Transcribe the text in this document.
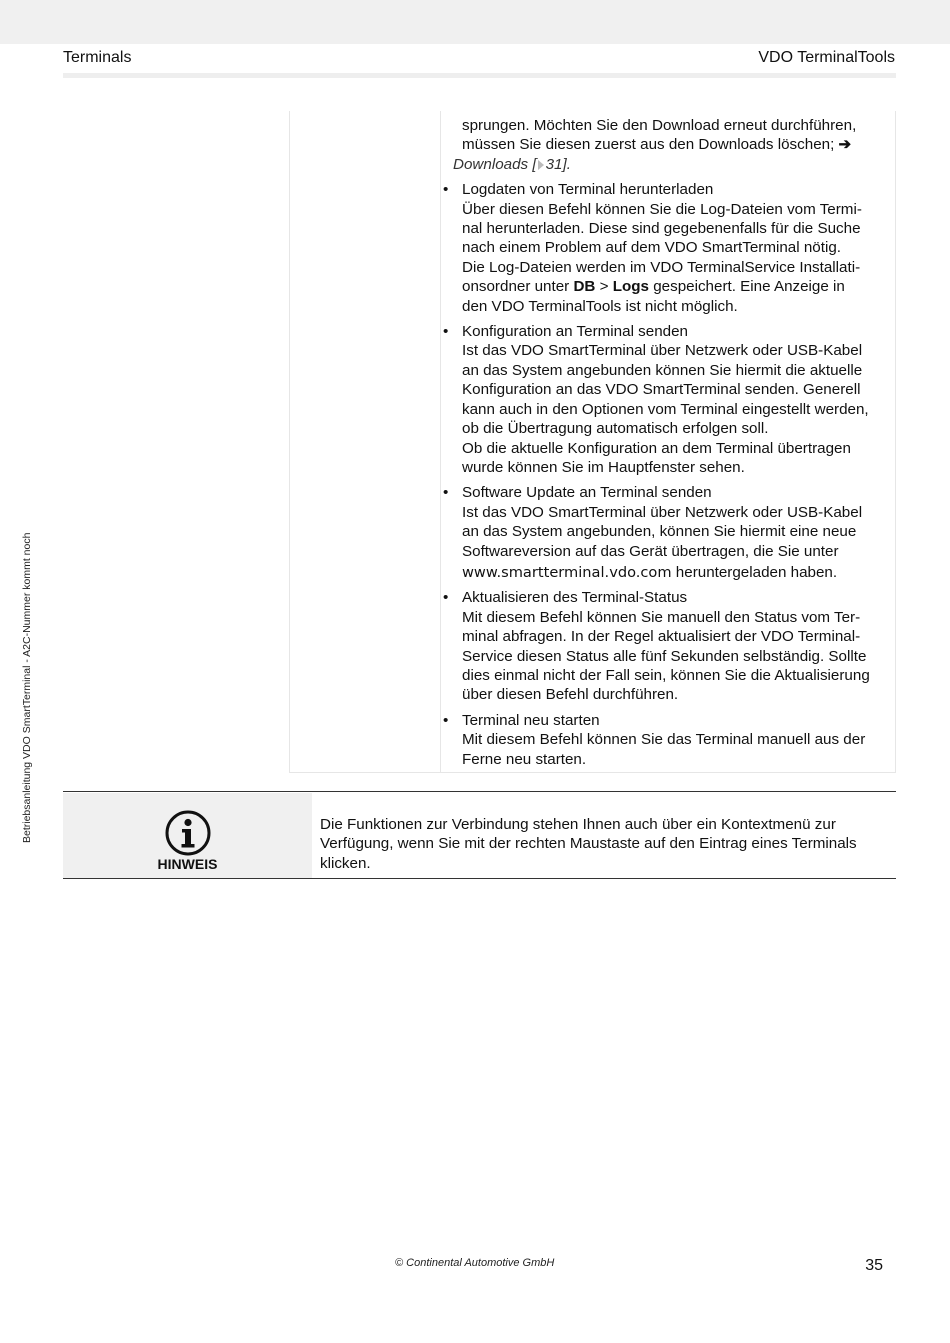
Terminals	VDO TerminalTools
Betriebsanleitung VDO SmartTerminal - A2C-Nummer kommt noch
sprungen. Möchten Sie den Download erneut durchführen,
müssen Sie diesen zuerst aus den Downloads löschen; ➔
Downloads [ 31].
• Logdaten von Terminal herunterladen
Über diesen Befehl können Sie die Log-Dateien vom Termi-
nal herunterladen. Diese sind gegebenenfalls für die Suche
nach einem Problem auf dem VDO SmartTerminal nötig.
Die Log-Dateien werden im VDO TerminalService Installati-
onsordner unter DB > Logs gespeichert. Eine Anzeige in
den VDO TerminalTools ist nicht möglich.
• Konfiguration an Terminal senden
Ist das VDO SmartTerminal über Netzwerk oder USB-Kabel
an das System angebunden können Sie hiermit die aktuelle
Konfiguration an das VDO SmartTerminal senden. Generell
kann auch in den Optionen vom Terminal eingestellt werden,
ob die Übertragung automatisch erfolgen soll.
Ob die aktuelle Konfiguration an dem Terminal übertragen
wurde können Sie im Hauptfenster sehen.
• Software Update an Terminal senden
Ist das VDO SmartTerminal über Netzwerk oder USB-Kabel
an das System angebunden, können Sie hiermit eine neue
Softwareversion auf das Gerät übertragen, die Sie unter
www.smartterminal.vdo.com heruntergeladen haben.
• Aktualisieren des Terminal-Status
Mit diesem Befehl können Sie manuell den Status vom Ter-
minal abfragen. In der Regel aktualisiert der VDO Terminal-
Service diesen Status alle fünf Sekunden selbständig. Sollte
dies einmal nicht der Fall sein, können Sie die Aktualisierung
über diesen Befehl durchführen.
• Terminal neu starten
Mit diesem Befehl können Sie das Terminal manuell aus der
Ferne neu starten.
HINWEIS
Die Funktionen zur Verbindung stehen Ihnen auch über ein Kontextmenü zur
Verfügung, wenn Sie mit der rechten Maustaste auf den Eintrag eines Terminals
klicken.
© Continental Automotive GmbH	35
